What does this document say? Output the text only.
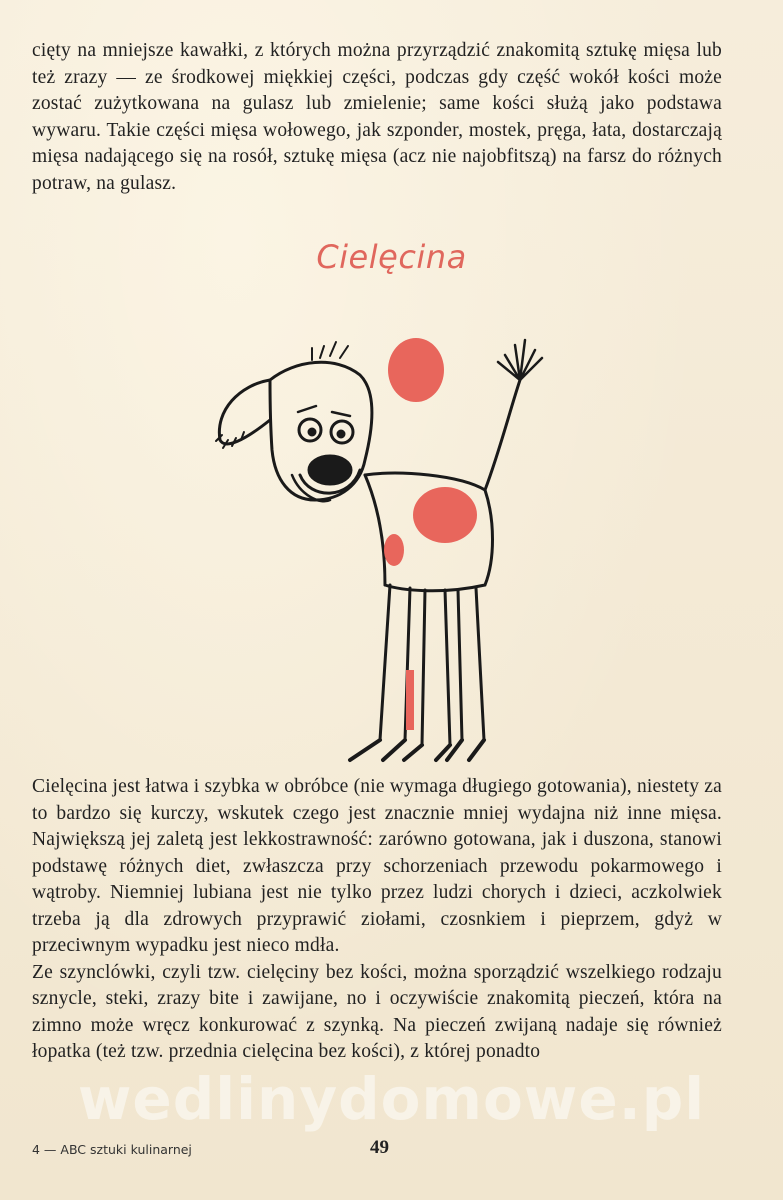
cięty na mniejsze kawałki, z których można przyrządzić znakomitą sztukę mięsa lub też zrazy — ze środkowej miękkiej części, podczas gdy część wokół kości może zostać zużytkowana na gulasz lub zmielenie; same kości służą jako podstawa wywaru. Takie części mięsa wołowego, jak szponder, mostek, pręga, łata, dostarczają mięsa nadającego się na rosół, sztukę mięsa (acz nie najobfitszą) na farsz do różnych potraw, na gulasz.

Cielęcina

Cielęcina jest łatwa i szybka w obróbce (nie wymaga długiego gotowania), niestety za to bardzo się kurczy, wskutek czego jest znacznie mniej wydajna niż inne mięsa. Największą jej zaletą jest lekkostrawność: zarówno gotowana, jak i duszona, stanowi podstawę różnych diet, zwłaszcza przy schorzeniach przewodu pokarmowego i wątroby. Niemniej lubiana jest nie tylko przez ludzi chorych i dzieci, aczkolwiek trzeba ją dla zdrowych przyprawić ziołami, czosnkiem i pieprzem, gdyż w przeciwnym wypadku jest nieco mdła.

Ze szynclówki, czyli tzw. cielęciny bez kości, można sporządzić wszelkiego rodzaju sznycle, steki, zrazy bite i zawijane, no i oczywiście znakomitą pieczeń, która na zimno może wręcz konkurować z szynką. Na pieczeń zwijaną nadaje się również łopatka (też tzw. przednia cielęcina bez kości), z której ponadto

wedlinydomowe.pl
4 — ABC sztuki kulinarnej	49
